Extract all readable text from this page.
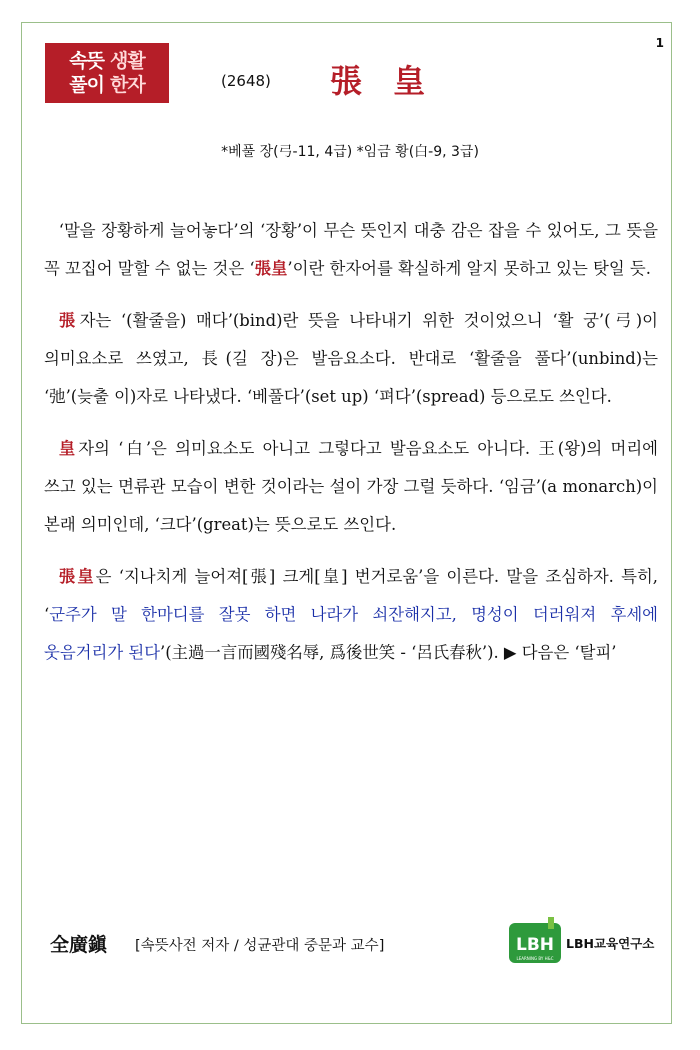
1
속 뜻
풀 이
생 활
한 자	(2648) 張 皇
*베풀 장(弓-11, 4급) *임금 황(白-9, 3급)

‘말을 장황하게 늘어놓다’의 ‘장황’이 무슨 뜻인지 대충 감은 잡을 수 있어도, 그 뜻을 꼭 꼬집어 말할 수 없는 것은 ‘張皇’이란 한자어를 확실하게 알지 못하고 있는 탓일 듯.

張자는 ‘(활줄을) 매다’(bind)란 뜻을 나타내기 위한 것이었으니 ‘활 궁’(弓)이 의미요소로 쓰였고, 長(길 장)은 발음요소다. 반대로 ‘활줄을 풀다’(unbind)는 ‘弛’(늦출 이)자로 나타냈다. ‘베풀다’(set up) ‘펴다’(spread) 등으로도 쓰인다.

皇자의 ‘白’은 의미요소도 아니고 그렇다고 발음요소도 아니다. 王(왕)의 머리에 쓰고 있는 면류관 모습이 변한 것이라는 설이 가장 그럴 듯하다. ‘임금’(a monarch)이 본래 의미인데, ‘크다’(great)는 뜻으로도 쓰인다.

張皇은 ‘지나치게 늘어져[張] 크게[皇] 번거로움’을 이른다. 말을 조심하자. 특히, ‘군주가 말 한마디를 잘못 하면 나라가 쇠잔해지고, 명성이 더러워져 후세에 웃음거리가 된다’(主過一言而國殘名辱, 爲後世笑 - ‘呂氏春秋’). ▶ 다음은 ‘탈피’

全廣鎭 [속뜻사전 저자 / 성균관대 중문과 교수]	LBH
LEARNING BY H&C
LBH교육연구소
